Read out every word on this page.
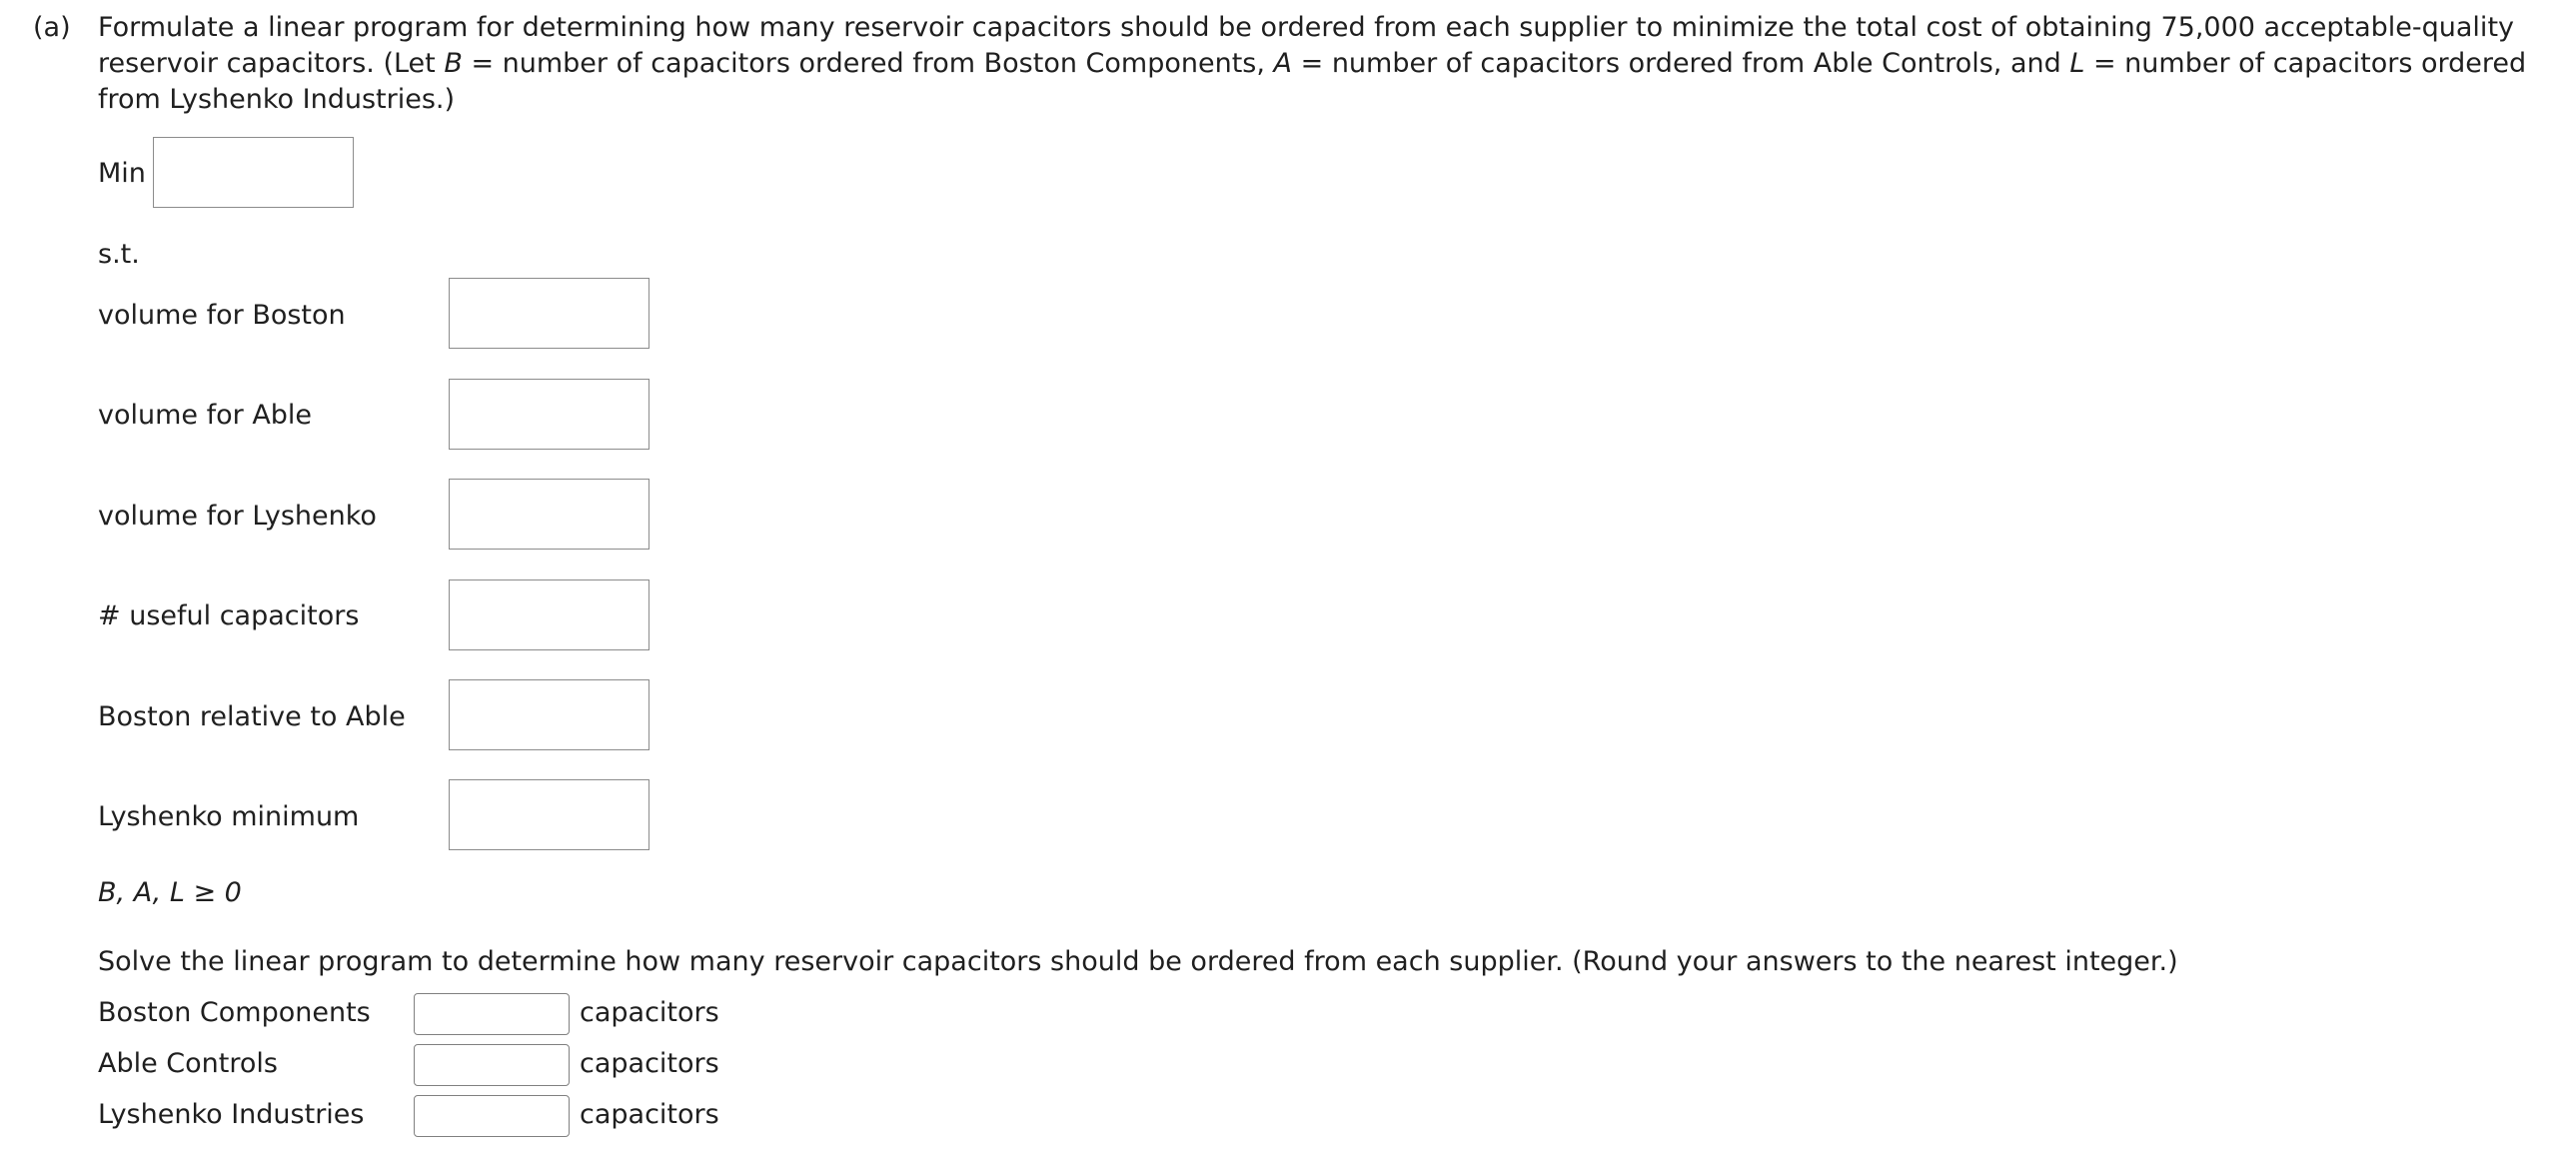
(a) Formulate a linear program for determining how many reservoir capacitors should be ordered from each supplier to minimize the total cost of obtaining 75,000 acceptable-quality reservoir capacitors. (Let B = number of capacitors ordered from Boston Components, A = number of capacitors ordered from Able Controls, and L = number of capacitors ordered from Lyshenko Industries.)

Min
s.t.
volume for Boston
volume for Able
volume for Lyshenko
# useful capacitors
Boston relative to Able
Lyshenko minimum
B, A, L ≥ 0
Solve the linear program to determine how many reservoir capacitors should be ordered from each supplier. (Round your answers to the nearest integer.)
Boston Components	capacitors
Able Controls	capacitors
Lyshenko Industries	capacitors
